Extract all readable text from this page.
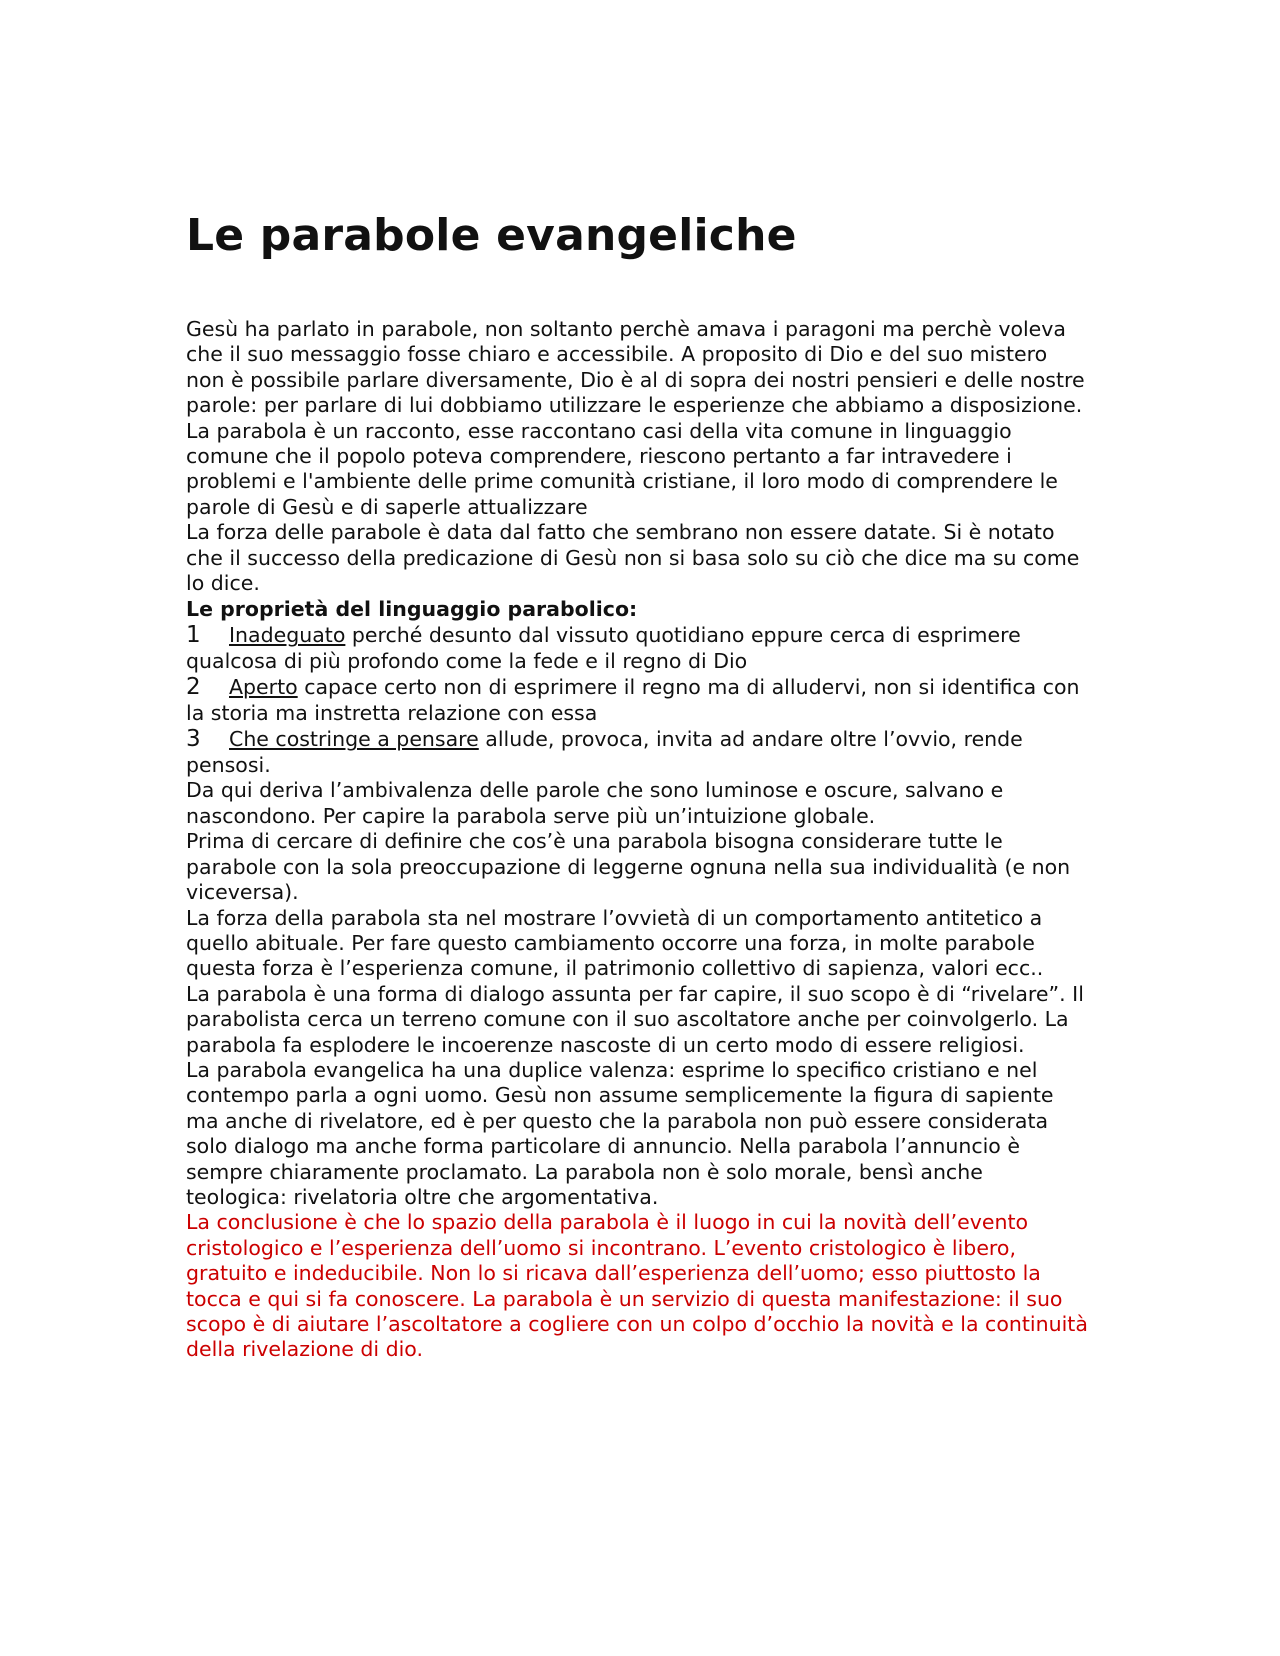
Le parabole evangeliche

Gesù ha parlato in parabole, non soltanto perchè amava i paragoni ma perchè voleva che il suo messaggio fosse chiaro e accessibile. A proposito di Dio e del suo mistero non è possibile parlare diversamente, Dio è al di sopra dei nostri pensieri e delle nostre parole: per parlare di lui dobbiamo utilizzare le esperienze che abbiamo a disposizione.

La parabola è un racconto, esse raccontano casi della vita comune in linguaggio comune che il popolo poteva comprendere, riescono pertanto a far intravedere i problemi e l'ambiente delle prime comunità cristiane, il loro modo di comprendere le parole di Gesù e di saperle attualizzare

La forza delle parabole è data dal fatto che sembrano non essere datate. Si è notato che il successo della predicazione di Gesù non si basa solo su ciò che dice ma su come lo dice.

Le proprietà del linguaggio parabolico:

1 Inadeguato perché desunto dal vissuto quotidiano eppure cerca di esprimere qualcosa di più profondo come la fede e il regno di Dio

2 Aperto capace certo non di esprimere il regno ma di alludervi, non si identifica con la storia ma instretta relazione con essa

3 Che costringe a pensare allude, provoca, invita ad andare oltre l’ovvio, rende pensosi.

Da qui deriva l’ambivalenza delle parole che sono luminose e oscure, salvano e nascondono. Per capire la parabola serve più un’intuizione globale.

Prima di cercare di definire che cos’è una parabola bisogna considerare tutte le parabole con la sola preoccupazione di leggerne ognuna nella sua individualità (e non viceversa).

La forza della parabola sta nel mostrare l’ovvietà di un comportamento antitetico a quello abituale. Per fare questo cambiamento occorre una forza, in molte parabole questa forza è l’esperienza comune, il patrimonio collettivo di sapienza, valori ecc..

La parabola è una forma di dialogo assunta per far capire, il suo scopo è di “rivelare”. Il parabolista cerca un terreno comune con il suo ascoltatore anche per coinvolgerlo. La parabola fa esplodere le incoerenze nascoste di un certo modo di essere religiosi.

La parabola evangelica ha una duplice valenza: esprime lo specifico cristiano e nel contempo parla a ogni uomo. Gesù non assume semplicemente la figura di sapiente ma anche di rivelatore, ed è per questo che la parabola non può essere considerata solo dialogo ma anche forma particolare di annuncio. Nella parabola l’annuncio è sempre chiaramente proclamato. La parabola non è solo morale, bensì anche teologica: rivelatoria oltre che argomentativa.

La conclusione è che lo spazio della parabola è il luogo in cui la novità dell’evento cristologico e l’esperienza dell’uomo si incontrano. L’evento cristologico è libero, gratuito e indeducibile. Non lo si ricava dall’esperienza dell’uomo; esso piuttosto la tocca e qui si fa conoscere. La parabola è un servizio di questa manifestazione: il suo scopo è di aiutare l’ascoltatore a cogliere con un colpo d’occhio la novità e la continuità della rivelazione di dio.
